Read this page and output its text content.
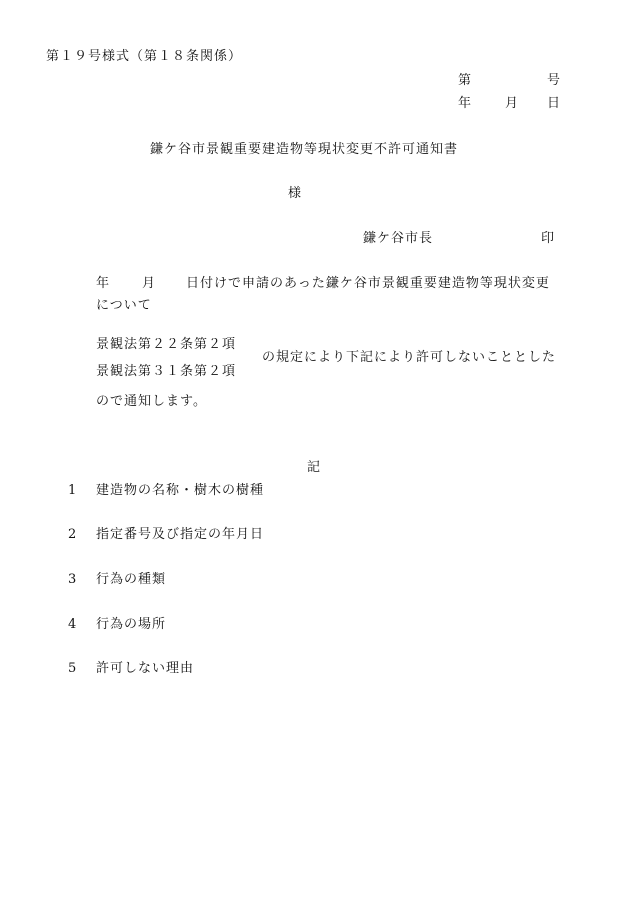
第１９号様式（第１８条関係）
第	号
年	月 日
鎌ケ谷市景観重要建造物等現状変更不許可通知書
様
鎌ケ谷市長	印
年 月 日付けで申請のあった鎌ケ谷市景観重要建造物等現状変更
について
景観法第２２条第２項
景観法第３１条第２項
の規定により下記により許可しないこととした
ので通知します。
記
1 建造物の名称・樹木の樹種
2 指定番号及び指定の年月日
3 行為の種類
4 行為の場所
5 許可しない理由
